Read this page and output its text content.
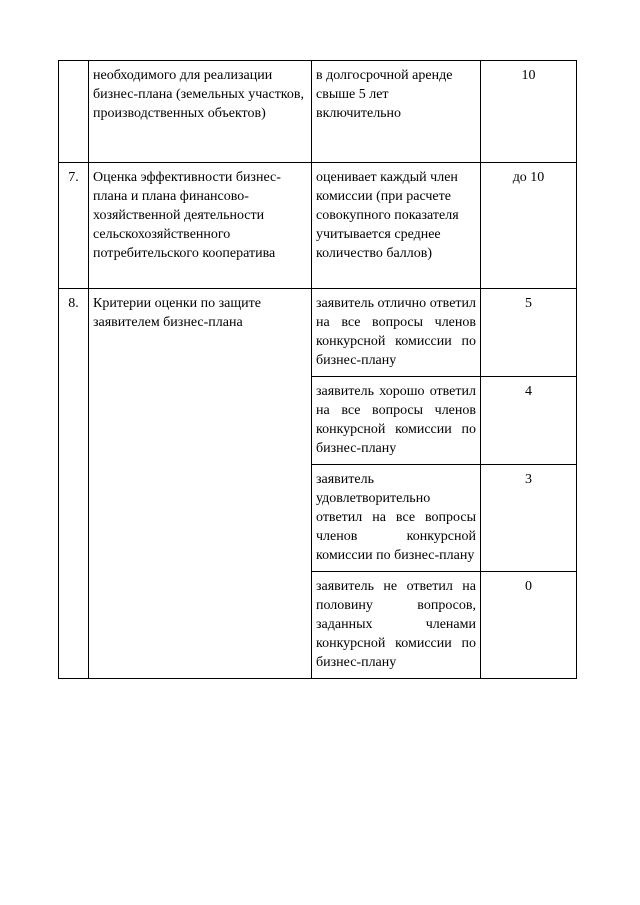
	необходимого для реализации бизнес-плана (земельных участков, производственных объектов)	в долгосрочной аренде свыше 5 лет включительно	10
7.	Оценка эффективности бизнес-плана и плана финансово-хозяйственной деятельности сельскохозяйственного потребительского кооператива	оценивает каждый член комиссии (при расчете совокупного показателя учитывается среднее количество баллов)	до 10
8.	Критерии оценки по защите заявителем бизнес-плана	заявитель отлично ответил на все вопросы членов конкурсной комиссии по бизнес-плану	5
		заявитель хорошо ответил на все вопросы членов конкурсной комиссии по бизнес-плану	4
		заявитель удовлетворительно ответил на все вопросы членов конкурсной комиссии по бизнес-плану	3
		заявитель не ответил на половину вопросов, заданных членами конкурсной комиссии по бизнес-плану	0
